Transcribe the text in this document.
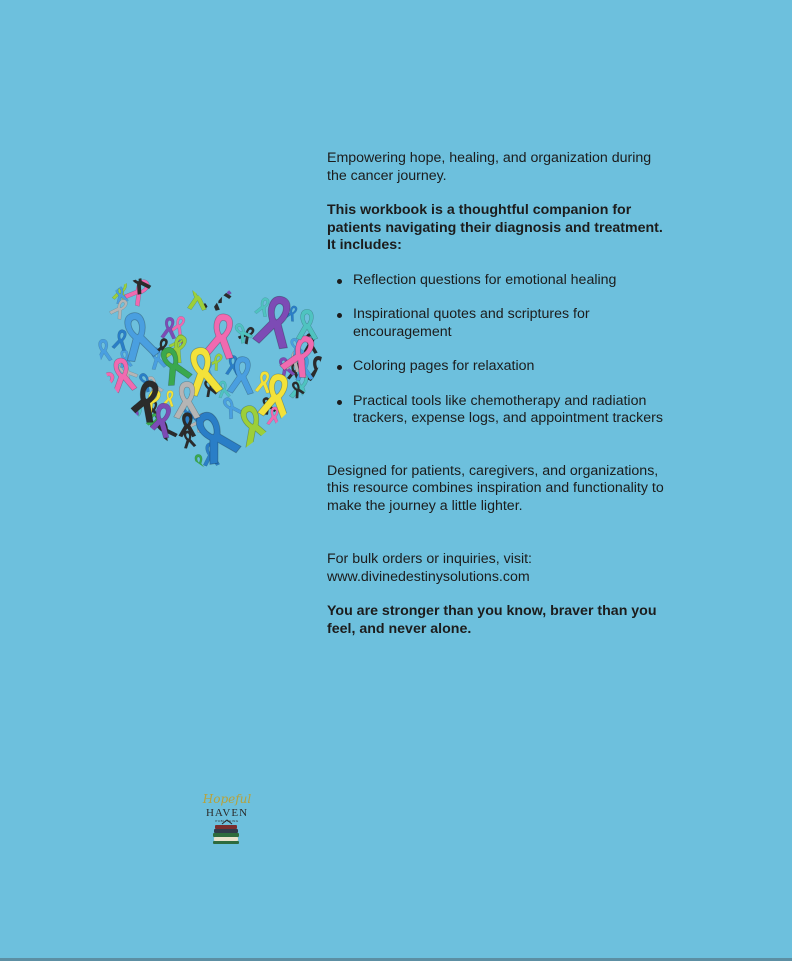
Empowering hope, healing, and organization during the cancer journey.

This workbook is a thoughtful companion for patients navigating their diagnosis and treatment. It includes:

Reflection questions for emotional healing
Inspirational quotes and scriptures for encouragement
Coloring pages for relaxation
Practical tools like chemotherapy and radiation trackers, expense logs, and appointment trackers

Designed for patients, caregivers, and organizations, this resource combines inspiration and functionality to make the journey a little lighter.

For bulk orders or inquiries, visit:
www.divinedestinysolutions.com

You are stronger than you know, braver than you feel, and never alone.

Hopeful
HAVEN
PUBLISHING
